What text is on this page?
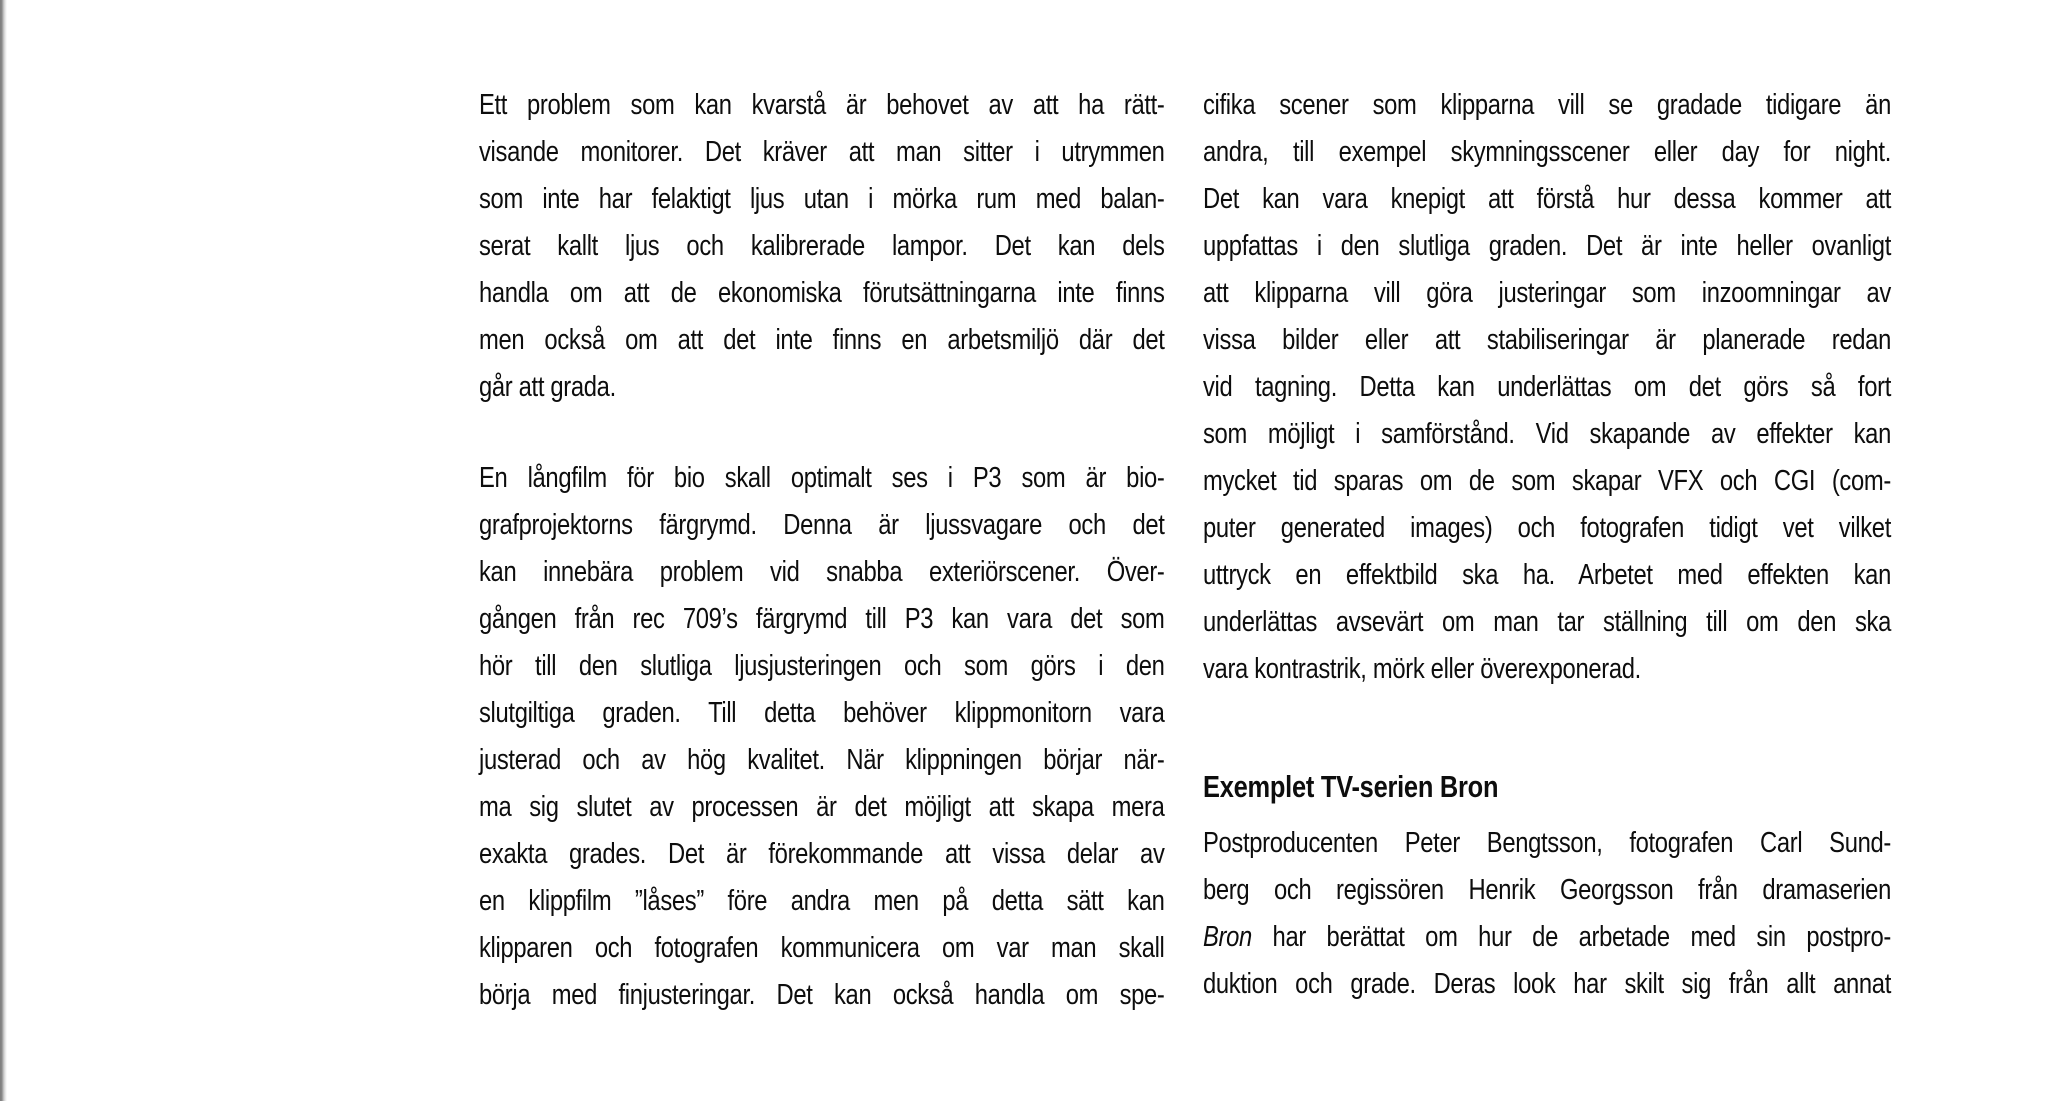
Ett problem som kan kvarstå är behovet av att ha rätt-
visande monitorer. Det kräver att man sitter i utrymmen
som inte har felaktigt ljus utan i mörka rum med balan-
serat kallt ljus och kalibrerade lampor. Det kan dels
handla om att de ekonomiska förutsättningarna inte finns
men också om att det inte finns en arbetsmiljö där det
går att grada.
En långfilm för bio skall optimalt ses i P3 som är bio-
grafprojektorns färgrymd. Denna är ljussvagare och det
kan innebära problem vid snabba exteriörscener. Över-
gången från rec 709’s färgrymd till P3 kan vara det som
hör till den slutliga ljusjusteringen och som görs i den
slutgiltiga graden. Till detta behöver klippmonitorn vara
justerad och av hög kvalitet. När klippningen börjar när-
ma sig slutet av processen är det möjligt att skapa mera
exakta grades. Det är förekommande att vissa delar av
en klippfilm ”låses” före andra men på detta sätt kan
klipparen och fotografen kommunicera om var man skall
börja med finjusteringar. Det kan också handla om spe-
cifika scener som klipparna vill se gradade tidigare än
andra, till exempel skymningsscener eller day for night.
Det kan vara knepigt att förstå hur dessa kommer att
uppfattas i den slutliga graden. Det är inte heller ovanligt
att klipparna vill göra justeringar som inzoomningar av
vissa bilder eller att stabiliseringar är planerade redan
vid tagning. Detta kan underlättas om det görs så fort
som möjligt i samförstånd. Vid skapande av effekter kan
mycket tid sparas om de som skapar VFX och CGI (com-
puter generated images) och fotografen tidigt vet vilket
uttryck en effektbild ska ha. Arbetet med effekten kan
underlättas avsevärt om man tar ställning till om den ska
vara kontrastrik, mörk eller överexponerad.
Exemplet TV-serien Bron
Postproducenten Peter Bengtsson, fotografen Carl Sund-
berg och regissören Henrik Georgsson från dramaserien
Bron har berättat om hur de arbetade med sin postpro-
duktion och grade. Deras look har skilt sig från allt annat
